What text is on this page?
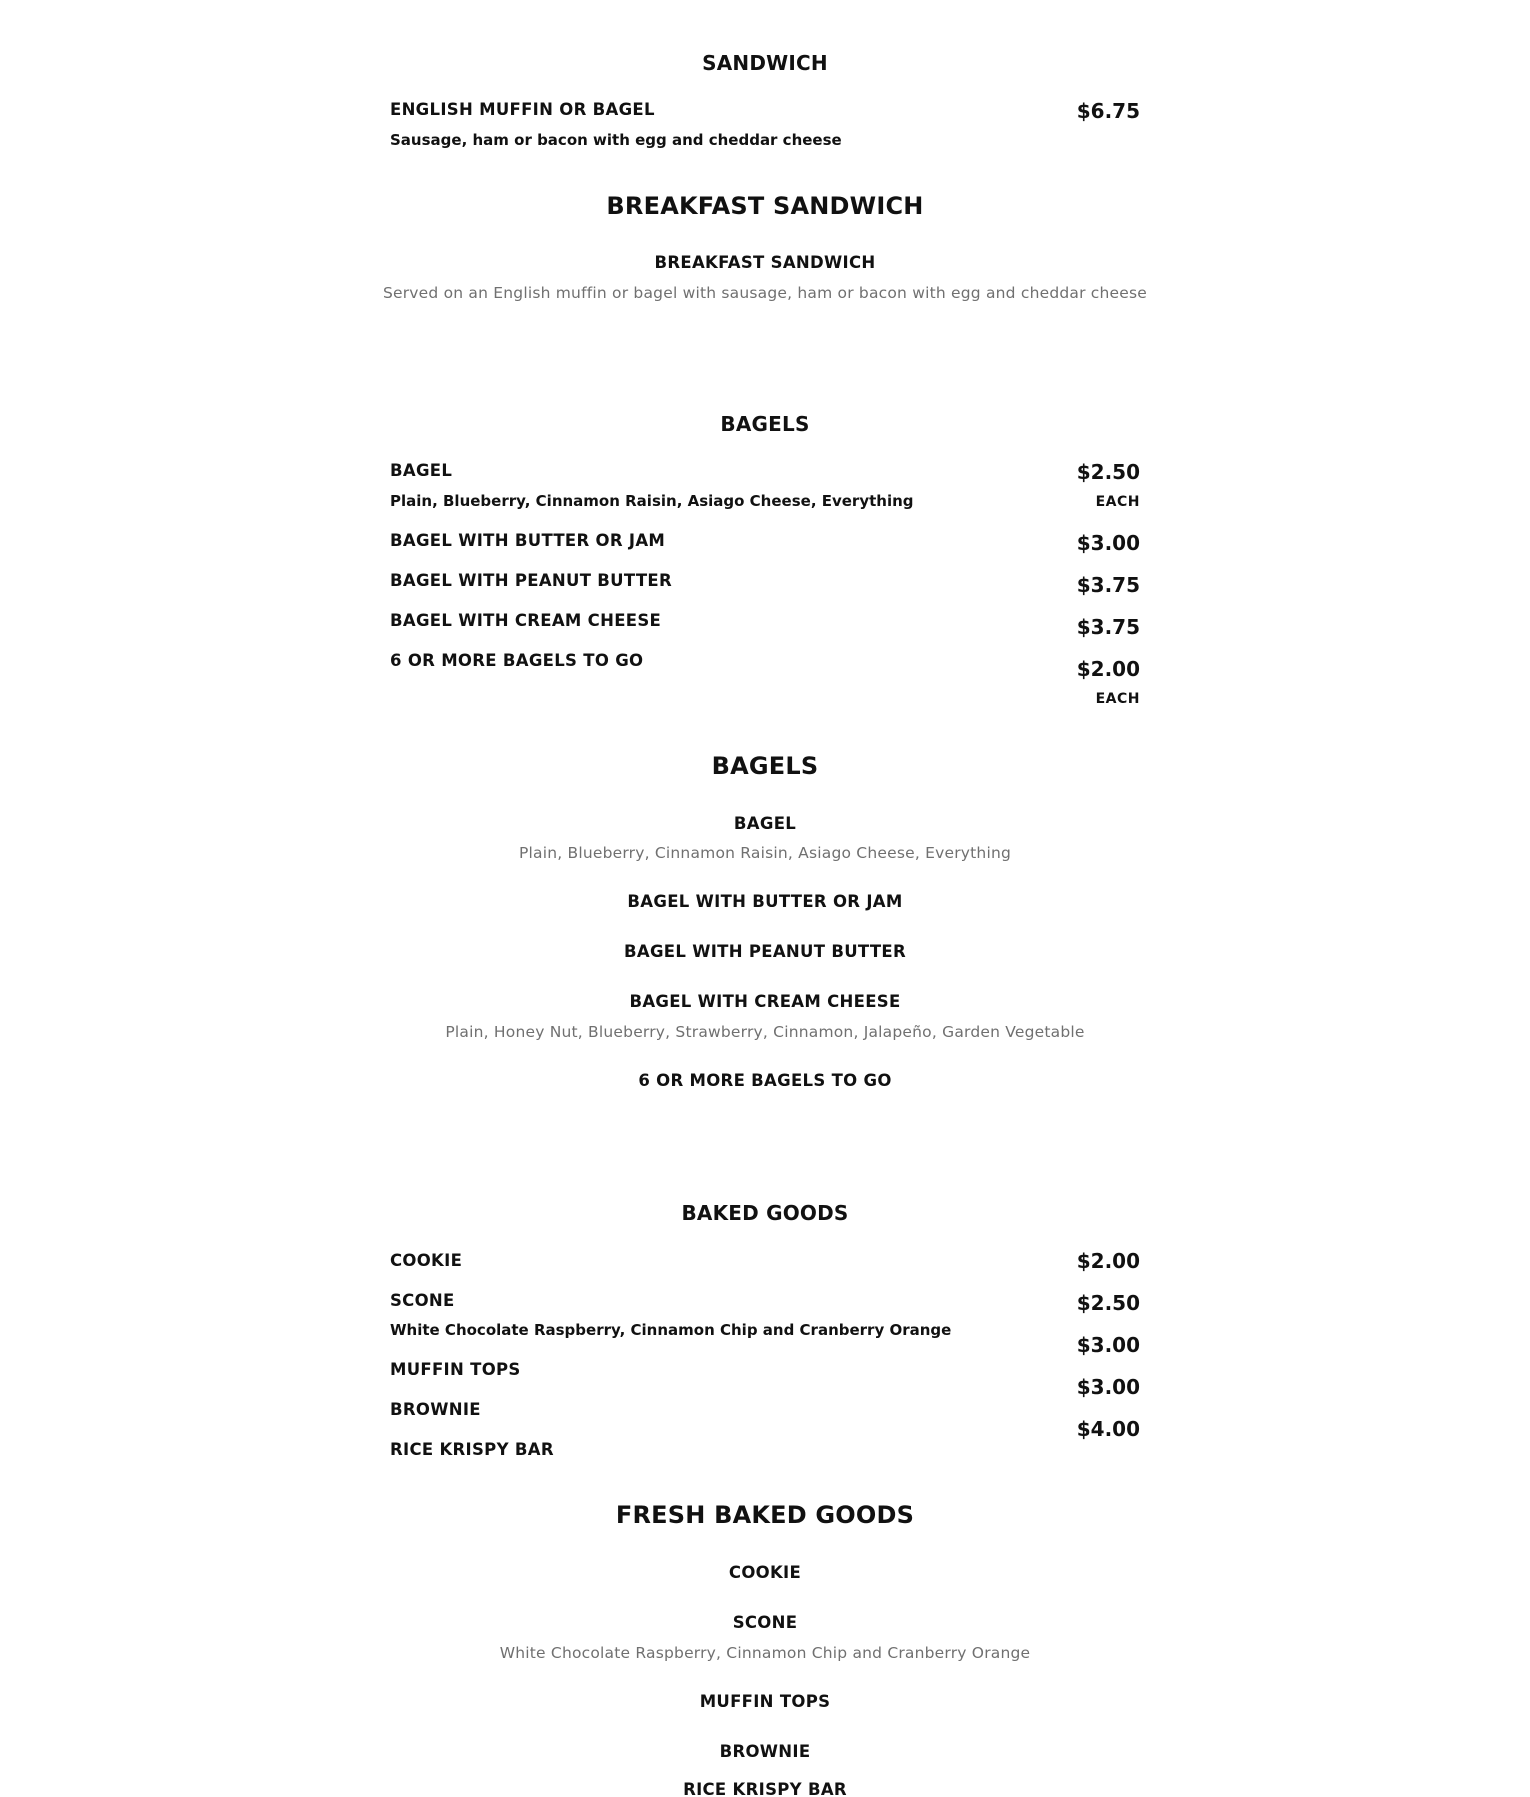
SANDWICH
ENGLISH MUFFIN OR BAGEL	$6.75
Sausage, ham or bacon with egg and cheddar cheese
BREAKFAST SANDWICH
BREAKFAST SANDWICH
Served on an English muffin or bagel with sausage, ham or bacon with egg and cheddar cheese
BAGELS
BAGEL
Plain, Blueberry, Cinnamon Raisin, Asiago Cheese, Everything
BAGEL WITH BUTTER OR JAM
BAGEL WITH PEANUT BUTTER
BAGEL WITH CREAM CHEESE
6 OR MORE BAGELS TO GO
$2.50
EACH
$3.00
$3.75
$3.75
$2.00
EACH
BAGELS
BAGEL
Plain, Blueberry, Cinnamon Raisin, Asiago Cheese, Everything
BAGEL WITH BUTTER OR JAM
BAGEL WITH PEANUT BUTTER
BAGEL WITH CREAM CHEESE
Plain, Honey Nut, Blueberry, Strawberry, Cinnamon, Jalapeño, Garden Vegetable
6 OR MORE BAGELS TO GO
BAKED GOODS
COOKIE
SCONE
White Chocolate Raspberry, Cinnamon Chip and Cranberry Orange
MUFFIN TOPS
BROWNIE
RICE KRISPY BAR
$2.00
$2.50
$3.00
$3.00
$4.00
FRESH BAKED GOODS
COOKIE
SCONE
White Chocolate Raspberry, Cinnamon Chip and Cranberry Orange
MUFFIN TOPS
BROWNIE
RICE KRISPY BAR
